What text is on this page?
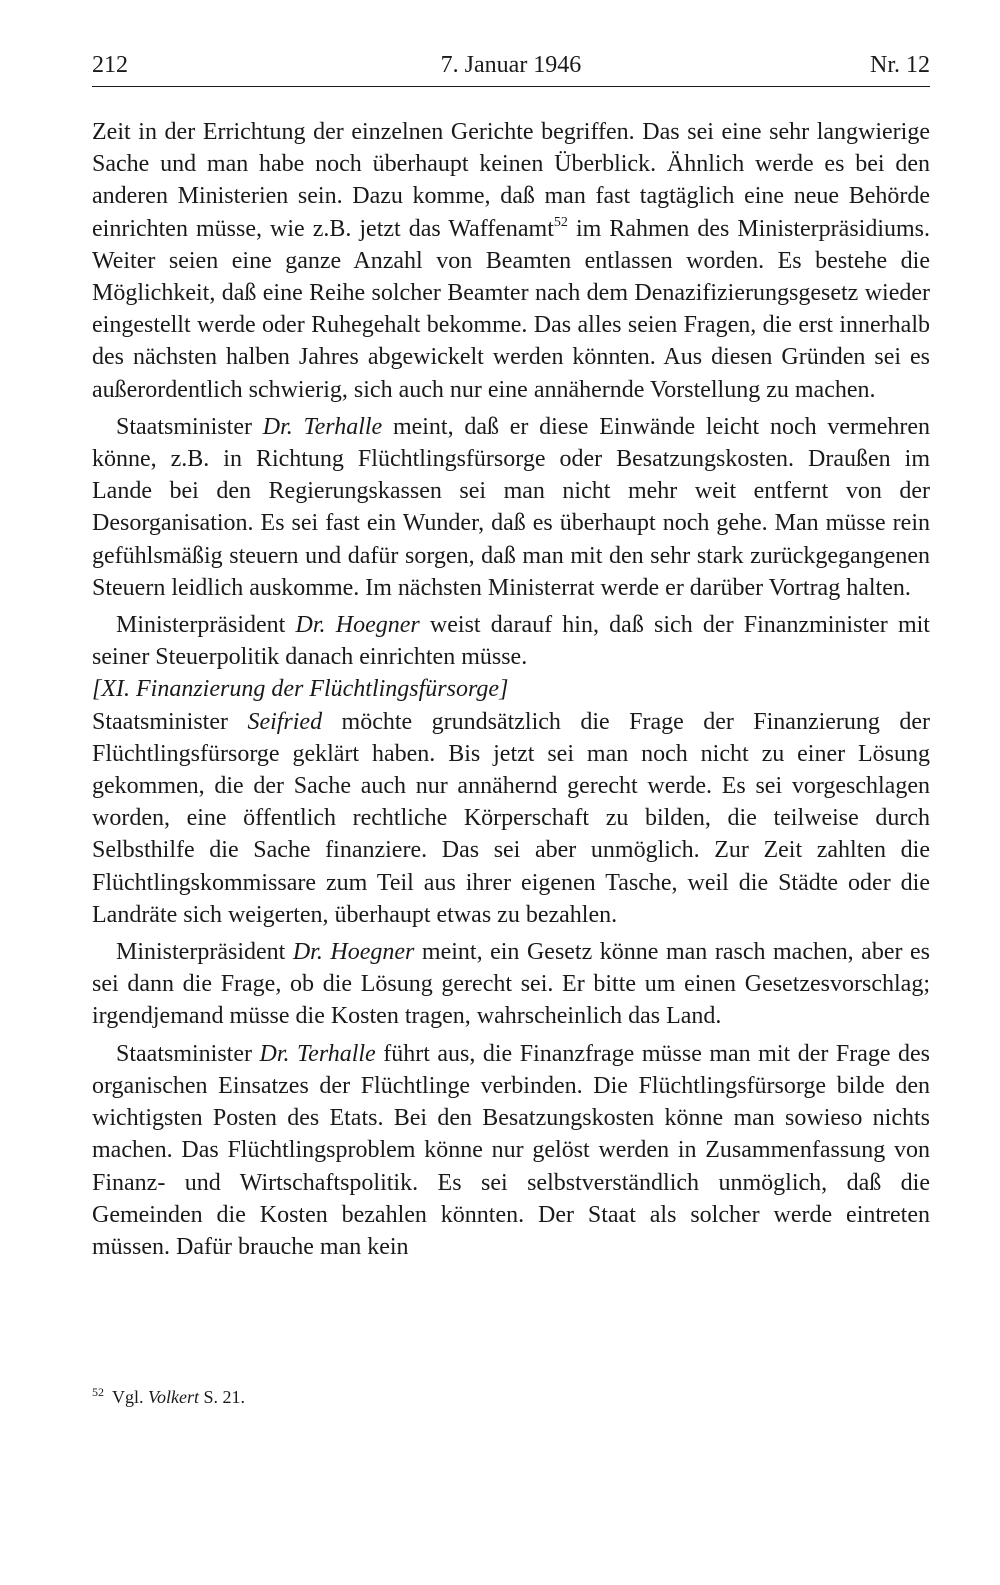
212	7. Januar 1946	Nr. 12

Zeit in der Errichtung der einzelnen Gerichte begriffen. Das sei eine sehr langwierige Sache und man habe noch überhaupt keinen Überblick. Ähnlich werde es bei den anderen Ministerien sein. Dazu komme, daß man fast tagtäglich eine neue Behörde einrichten müsse, wie z.B. jetzt das Waffenamt$^{52}$ im Rahmen des Ministerpräsidiums. Weiter seien eine ganze Anzahl von Beamten entlassen worden. Es bestehe die Möglichkeit, daß eine Reihe solcher Beamter nach dem Denazifizierungsgesetz wieder eingestellt werde oder Ruhegehalt bekomme. Das alles seien Fragen, die erst innerhalb des nächsten halben Jahres abgewickelt werden könnten. Aus diesen Gründen sei es außerordentlich schwierig, sich auch nur eine annähernde Vorstellung zu machen.

Staatsminister Dr. Terhalle meint, daß er diese Einwände leicht noch vermehren könne, z.B. in Richtung Flüchtlingsfürsorge oder Besatzungskosten. Draußen im Lande bei den Regierungskassen sei man nicht mehr weit entfernt von der Desorganisation. Es sei fast ein Wunder, daß es überhaupt noch gehe. Man müsse rein gefühlsmäßig steuern und dafür sorgen, daß man mit den sehr stark zurückgegangenen Steuern leidlich auskomme. Im nächsten Ministerrat werde er darüber Vortrag halten.

Ministerpräsident Dr. Hoegner weist darauf hin, daß sich der Finanzminister mit seiner Steuerpolitik danach einrichten müsse.

[XI. Finanzierung der Flüchtlingsfürsorge]

Staatsminister Seifried möchte grundsätzlich die Frage der Finanzierung der Flüchtlingsfürsorge geklärt haben. Bis jetzt sei man noch nicht zu einer Lösung gekommen, die der Sache auch nur annähernd gerecht werde. Es sei vorgeschlagen worden, eine öffentlich rechtliche Körperschaft zu bilden, die teilweise durch Selbsthilfe die Sache finanziere. Das sei aber unmöglich. Zur Zeit zahlten die Flüchtlingskommissare zum Teil aus ihrer eigenen Tasche, weil die Städte oder die Landräte sich weigerten, überhaupt etwas zu bezahlen.

Ministerpräsident Dr. Hoegner meint, ein Gesetz könne man rasch machen, aber es sei dann die Frage, ob die Lösung gerecht sei. Er bitte um einen Gesetzesvorschlag; irgendjemand müsse die Kosten tragen, wahrscheinlich das Land.

Staatsminister Dr. Terhalle führt aus, die Finanzfrage müsse man mit der Frage des organischen Einsatzes der Flüchtlinge verbinden. Die Flüchtlingsfürsorge bilde den wichtigsten Posten des Etats. Bei den Besatzungskosten könne man sowieso nichts machen. Das Flüchtlingsproblem könne nur gelöst werden in Zusammenfassung von Finanz- und Wirtschaftspolitik. Es sei selbstverständlich unmöglich, daß die Gemeinden die Kosten bezahlen könnten. Der Staat als solcher werde eintreten müssen. Dafür brauche man kein

$^{52}$ Vgl. Volkert S. 21.
